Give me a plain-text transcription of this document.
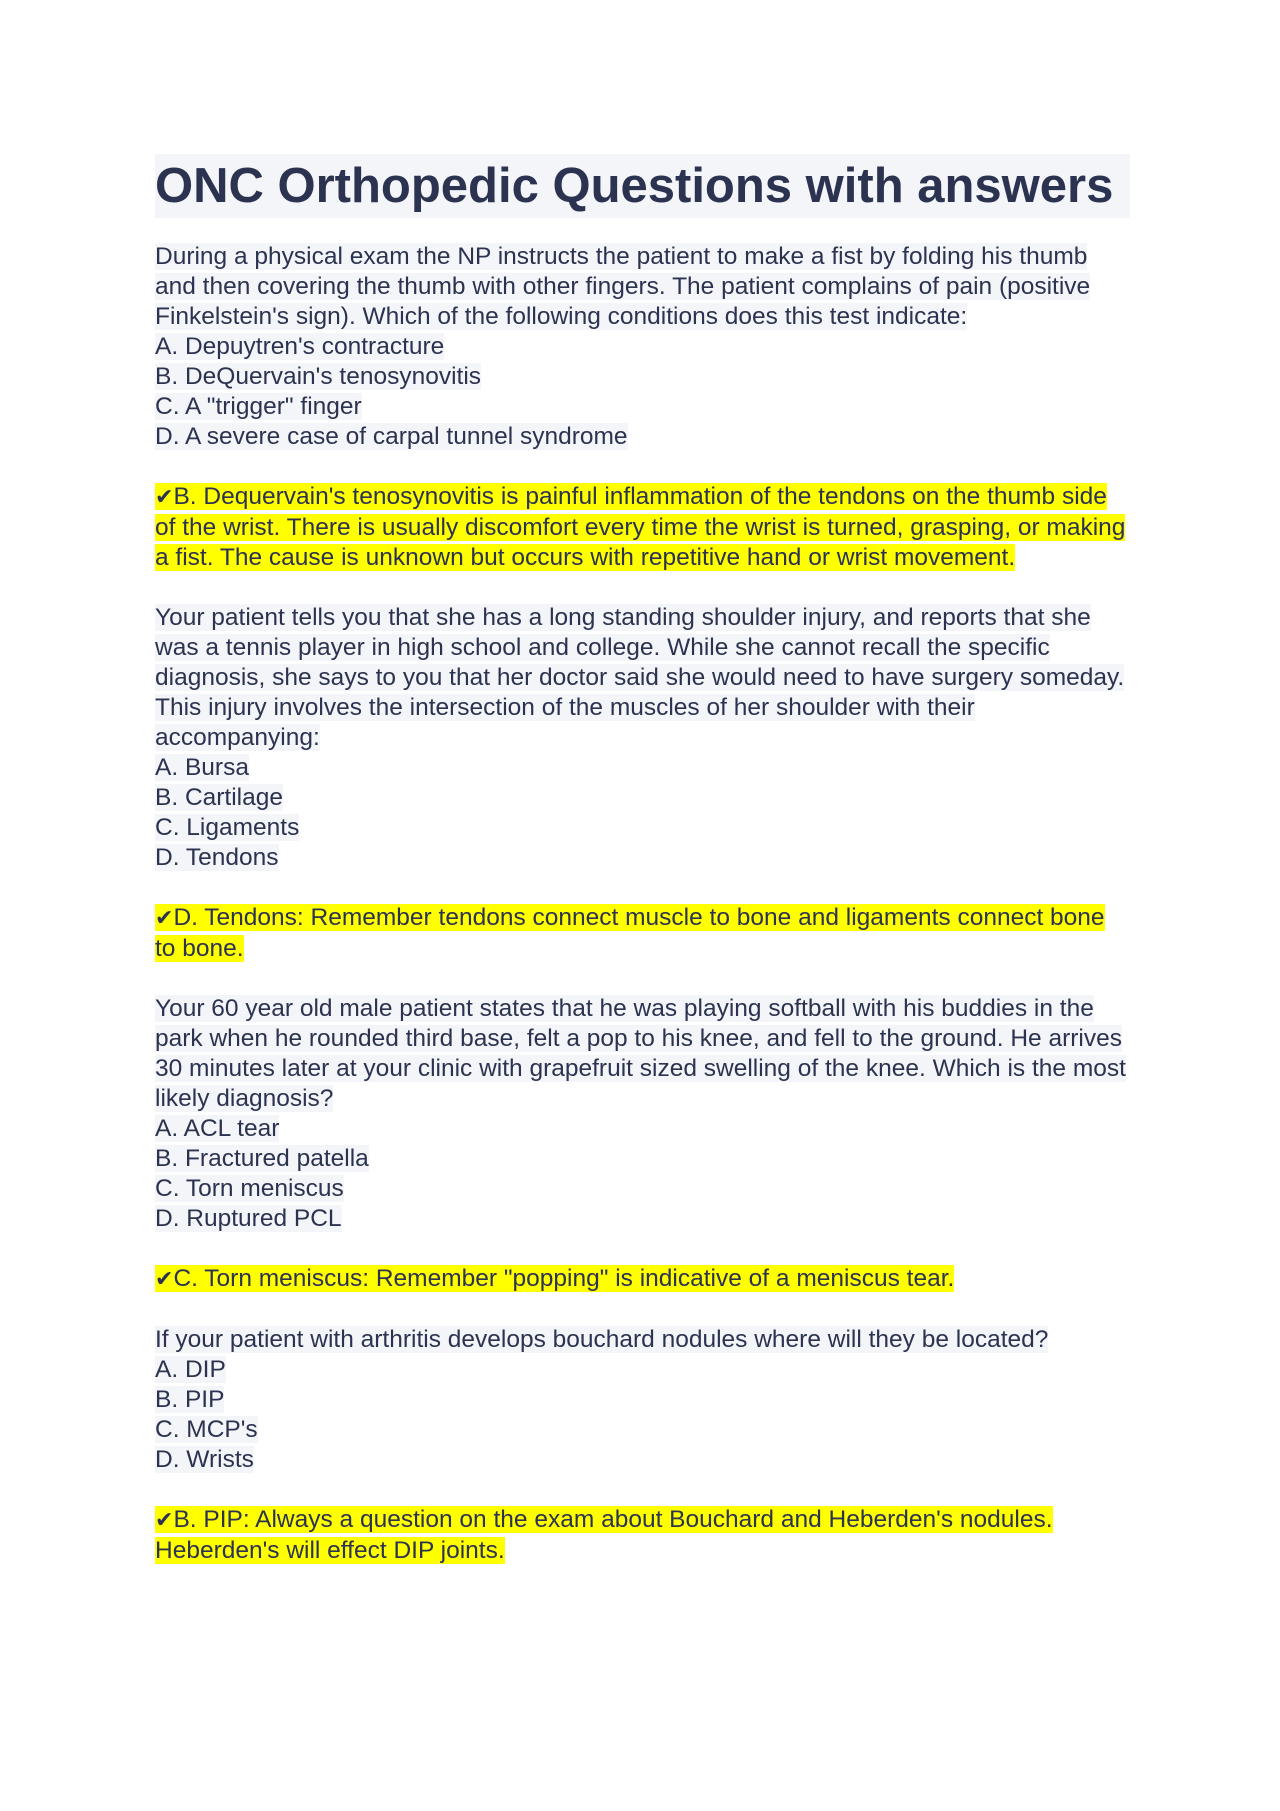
ONC Orthopedic Questions with answers
During a physical exam the NP instructs the patient to make a fist by folding his thumb and then covering the thumb with other fingers. The patient complains of pain (positive Finkelstein's sign). Which of the following conditions does this test indicate:
A. Depuytren's contracture
B. DeQuervain's tenosynovitis
C. A "trigger" finger
D. A severe case of carpal tunnel syndrome
✔B. Dequervain's tenosynovitis is painful inflammation of the tendons on the thumb side of the wrist. There is usually discomfort every time the wrist is turned, grasping, or making a fist. The cause is unknown but occurs with repetitive hand or wrist movement.
Your patient tells you that she has a long standing shoulder injury, and reports that she was a tennis player in high school and college. While she cannot recall the specific diagnosis, she says to you that her doctor said she would need to have surgery someday. This injury involves the intersection of the muscles of her shoulder with their accompanying:
A. Bursa
B. Cartilage
C. Ligaments
D. Tendons
✔D. Tendons: Remember tendons connect muscle to bone and ligaments connect bone to bone.
Your 60 year old male patient states that he was playing softball with his buddies in the park when he rounded third base, felt a pop to his knee, and fell to the ground. He arrives 30 minutes later at your clinic with grapefruit sized swelling of the knee. Which is the most likely diagnosis?
A. ACL tear
B. Fractured patella
C. Torn meniscus
D. Ruptured PCL
✔C. Torn meniscus: Remember "popping" is indicative of a meniscus tear.
If your patient with arthritis develops bouchard nodules where will they be located?
A. DIP
B. PIP
C. MCP's
D. Wrists
✔B. PIP: Always a question on the exam about Bouchard and Heberden's nodules. Heberden's will effect DIP joints.
